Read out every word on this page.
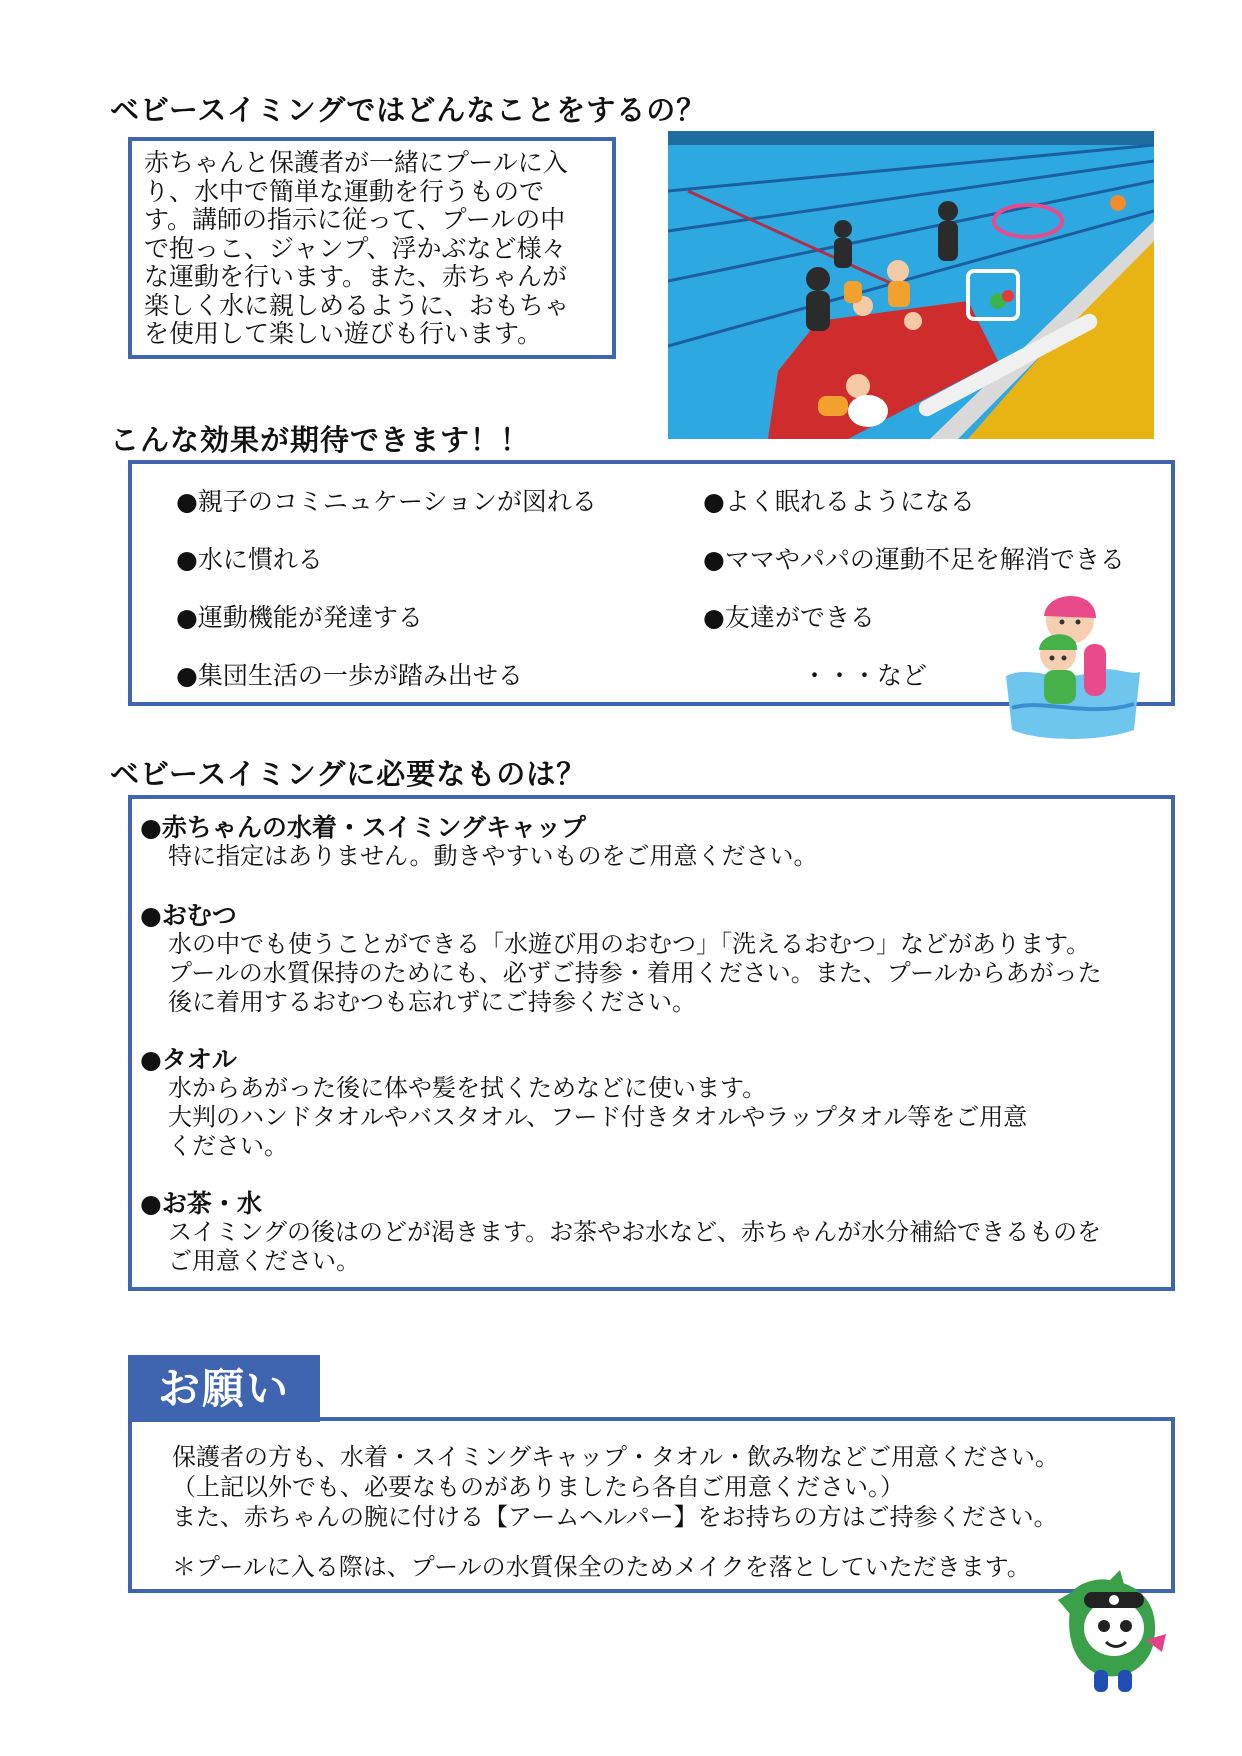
ベビースイミングではどんなことをするの？

赤ちゃんと保護者が一緒にプールに入
り、水中で簡単な運動を行うもので
す。講師の指示に従って、プールの中
で抱っこ、ジャンプ、浮かぶなど様々
な運動を行います。また、赤ちゃんが
楽しく水に親しめるように、おもちゃ
を使用して楽しい遊びも行います。

こんな効果が期待できます！！
●親子のコミニュケーションが図れる	●よく眠れるようになる
●水に慣れる	●ママやパパの運動不足を解消できる
●運動機能が発達する	●友達ができる
●集団生活の一歩が踏み出せる	・・・など
ベビースイミングに必要なものは？
●赤ちゃんの水着・スイミングキャップ
特に指定はありません。動きやすいものをご用意ください。
●おむつ
水の中でも使うことができる「水遊び用のおむつ」「洗えるおむつ」などがあります。
プールの水質保持のためにも、必ずご持参・着用ください。また、プールからあがった
後に着用するおむつも忘れずにご持参ください。
●タオル
水からあがった後に体や髪を拭くためなどに使います。
大判のハンドタオルやバスタオル、フード付きタオルやラップタオル等をご用意
ください。
●お茶・水
スイミングの後はのどが渇きます。お茶やお水など、赤ちゃんが水分補給できるものを
ご用意ください。
保護者の方も、水着・スイミングキャップ・タオル・飲み物などご用意ください。
（上記以外でも、必要なものがありましたら各自ご用意ください。）
また、赤ちゃんの腕に付ける【アームヘルパー】をお持ちの方はご持参ください。
＊プールに入る際は、プールの水質保全のためメイクを落としていただきます。
お願い
